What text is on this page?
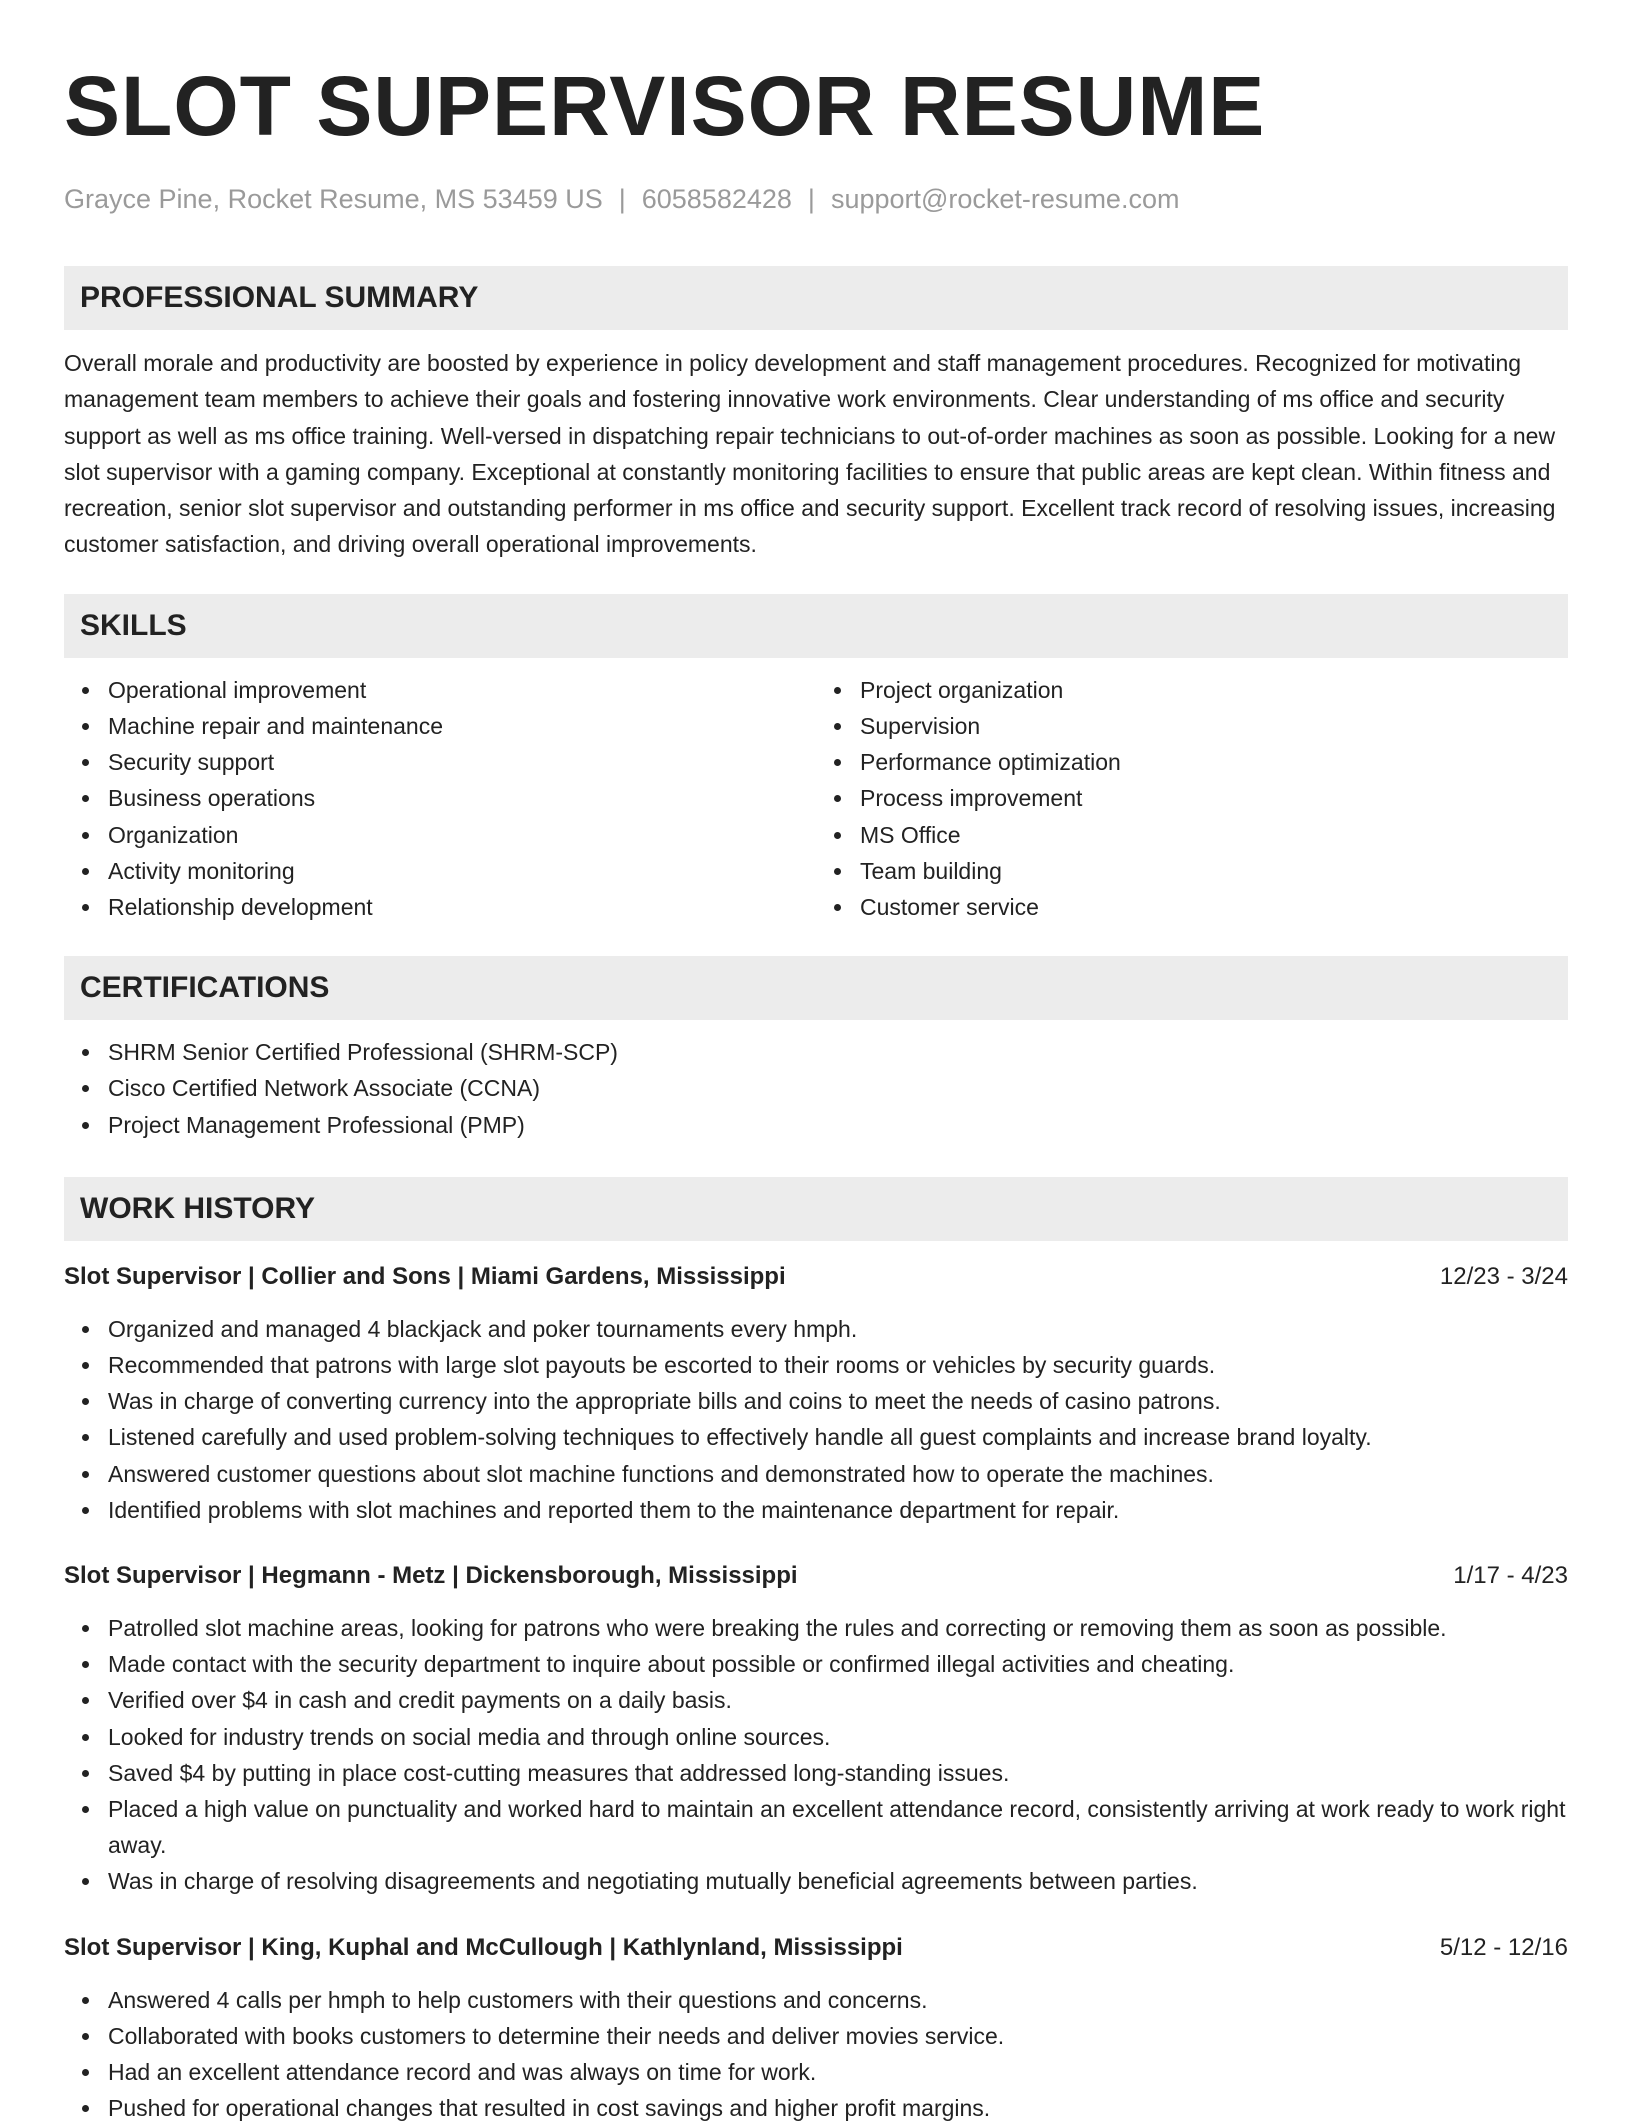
SLOT SUPERVISOR RESUME
Grayce Pine, Rocket Resume, MS 53459 US | 6058582428 | support@rocket-resume.com
PROFESSIONAL SUMMARY

Overall morale and productivity are boosted by experience in policy development and staff management procedures. Recognized for motivating management team members to achieve their goals and fostering innovative work environments. Clear understanding of ms office and security support as well as ms office training. Well-versed in dispatching repair technicians to out-of-order machines as soon as possible. Looking for a new slot supervisor with a gaming company. Exceptional at constantly monitoring facilities to ensure that public areas are kept clean. Within fitness and recreation, senior slot supervisor and outstanding performer in ms office and security support. Excellent track record of resolving issues, increasing customer satisfaction, and driving overall operational improvements.

SKILLS
Operational improvement
Machine repair and maintenance
Security support
Business operations
Organization
Activity monitoring
Relationship development
Project organization
Supervision
Performance optimization
Process improvement
MS Office
Team building
Customer service
CERTIFICATIONS
SHRM Senior Certified Professional (SHRM-SCP)
Cisco Certified Network Associate (CCNA)
Project Management Professional (PMP)
WORK HISTORY
Slot Supervisor | Collier and Sons | Miami Gardens, Mississippi	12/23 - 3/24
Organized and managed 4 blackjack and poker tournaments every hmph.
Recommended that patrons with large slot payouts be escorted to their rooms or vehicles by security guards.
Was in charge of converting currency into the appropriate bills and coins to meet the needs of casino patrons.
Listened carefully and used problem-solving techniques to effectively handle all guest complaints and increase brand loyalty.
Answered customer questions about slot machine functions and demonstrated how to operate the machines.
Identified problems with slot machines and reported them to the maintenance department for repair.
Slot Supervisor | Hegmann - Metz | Dickensborough, Mississippi	1/17 - 4/23
Patrolled slot machine areas, looking for patrons who were breaking the rules and correcting or removing them as soon as possible.
Made contact with the security department to inquire about possible or confirmed illegal activities and cheating.
Verified over $4 in cash and credit payments on a daily basis.
Looked for industry trends on social media and through online sources.
Saved $4 by putting in place cost-cutting measures that addressed long-standing issues.
Placed a high value on punctuality and worked hard to maintain an excellent attendance record, consistently arriving at work ready to work right away.
Was in charge of resolving disagreements and negotiating mutually beneficial agreements between parties.
Slot Supervisor | King, Kuphal and McCullough | Kathlynland, Mississippi	5/12 - 12/16
Answered 4 calls per hmph to help customers with their questions and concerns.
Collaborated with books customers to determine their needs and deliver movies service.
Had an excellent attendance record and was always on time for work.
Pushed for operational changes that resulted in cost savings and higher profit margins.
